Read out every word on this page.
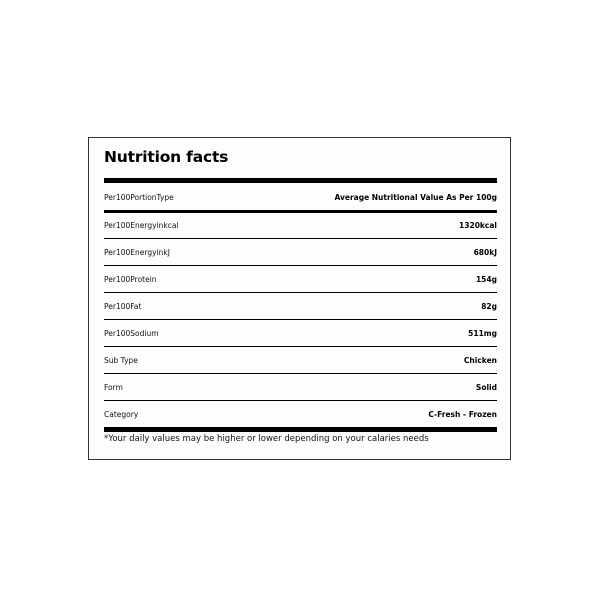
Nutrition facts
Per100PortionType	Average Nutritional Value As Per 100g
Per100Energyinkcal	1320kcal
Per100EnergyinkJ	680kJ
Per100Protein	154g
Per100Fat	82g
Per100Sodium	511mg
Sub Type	Chicken
Form	Solid
Category	C-Fresh - Frozen
*Your daily values may be higher or lower depending on your calaries needs
